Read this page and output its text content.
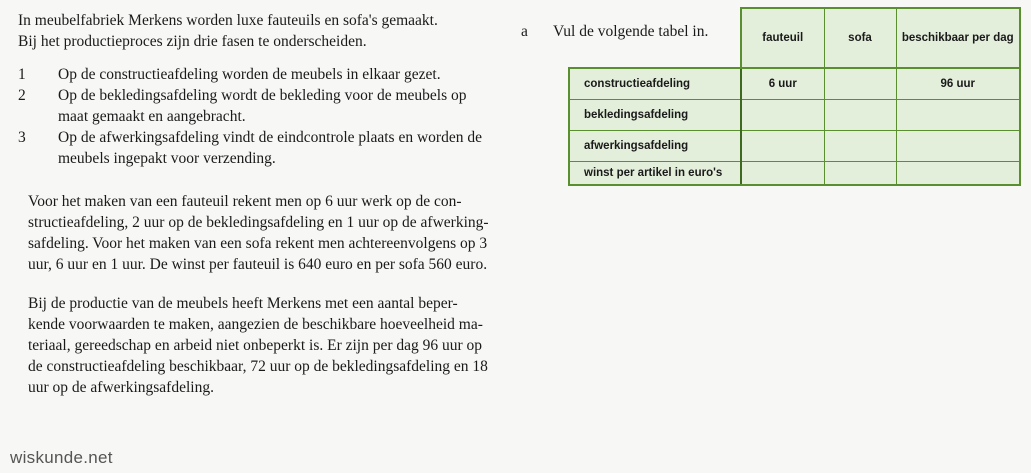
In meubelfabriek Merkens worden luxe fauteuils en sofa's gemaakt.
Bij het productieproces zijn drie fasen te onderscheiden.
1	Op de constructieafdeling worden de meubels in elkaar gezet.
2	Op de bekledingsafdeling wordt de bekleding voor de meubels op
maat gemaakt en aangebracht.
3	Op de afwerkingsafdeling vindt de eindcontrole plaats en worden de
meubels ingepakt voor verzending.
Voor het maken van een fauteuil rekent men op 6 uur werk op de con-
structieafdeling, 2 uur op de bekledingsafdeling en 1 uur op de afwerking-
safdeling. Voor het maken van een sofa rekent men achtereenvolgens op 3
uur, 6 uur en 1 uur. De winst per fauteuil is 640 euro en per sofa 560 euro.
Bij de productie van de meubels heeft Merkens met een aantal beper-
kende voorwaarden te maken, aangezien de beschikbare hoeveelheid ma-
teriaal, gereedschap en arbeid niet onbeperkt is. Er zijn per dag 96 uur op
de constructieafdeling beschikbaar, 72 uur op de bekledingsafdeling en 18
uur op de afwerkingsafdeling.
a Vul de volgende tabel in.
		fauteuil	sofa	beschikbaar per dag
constructieafdeling	6 uur		96 uur
bekledingsafdeling			
afwerkingsafdeling			
winst per artikel in euro's			
wiskunde.net
